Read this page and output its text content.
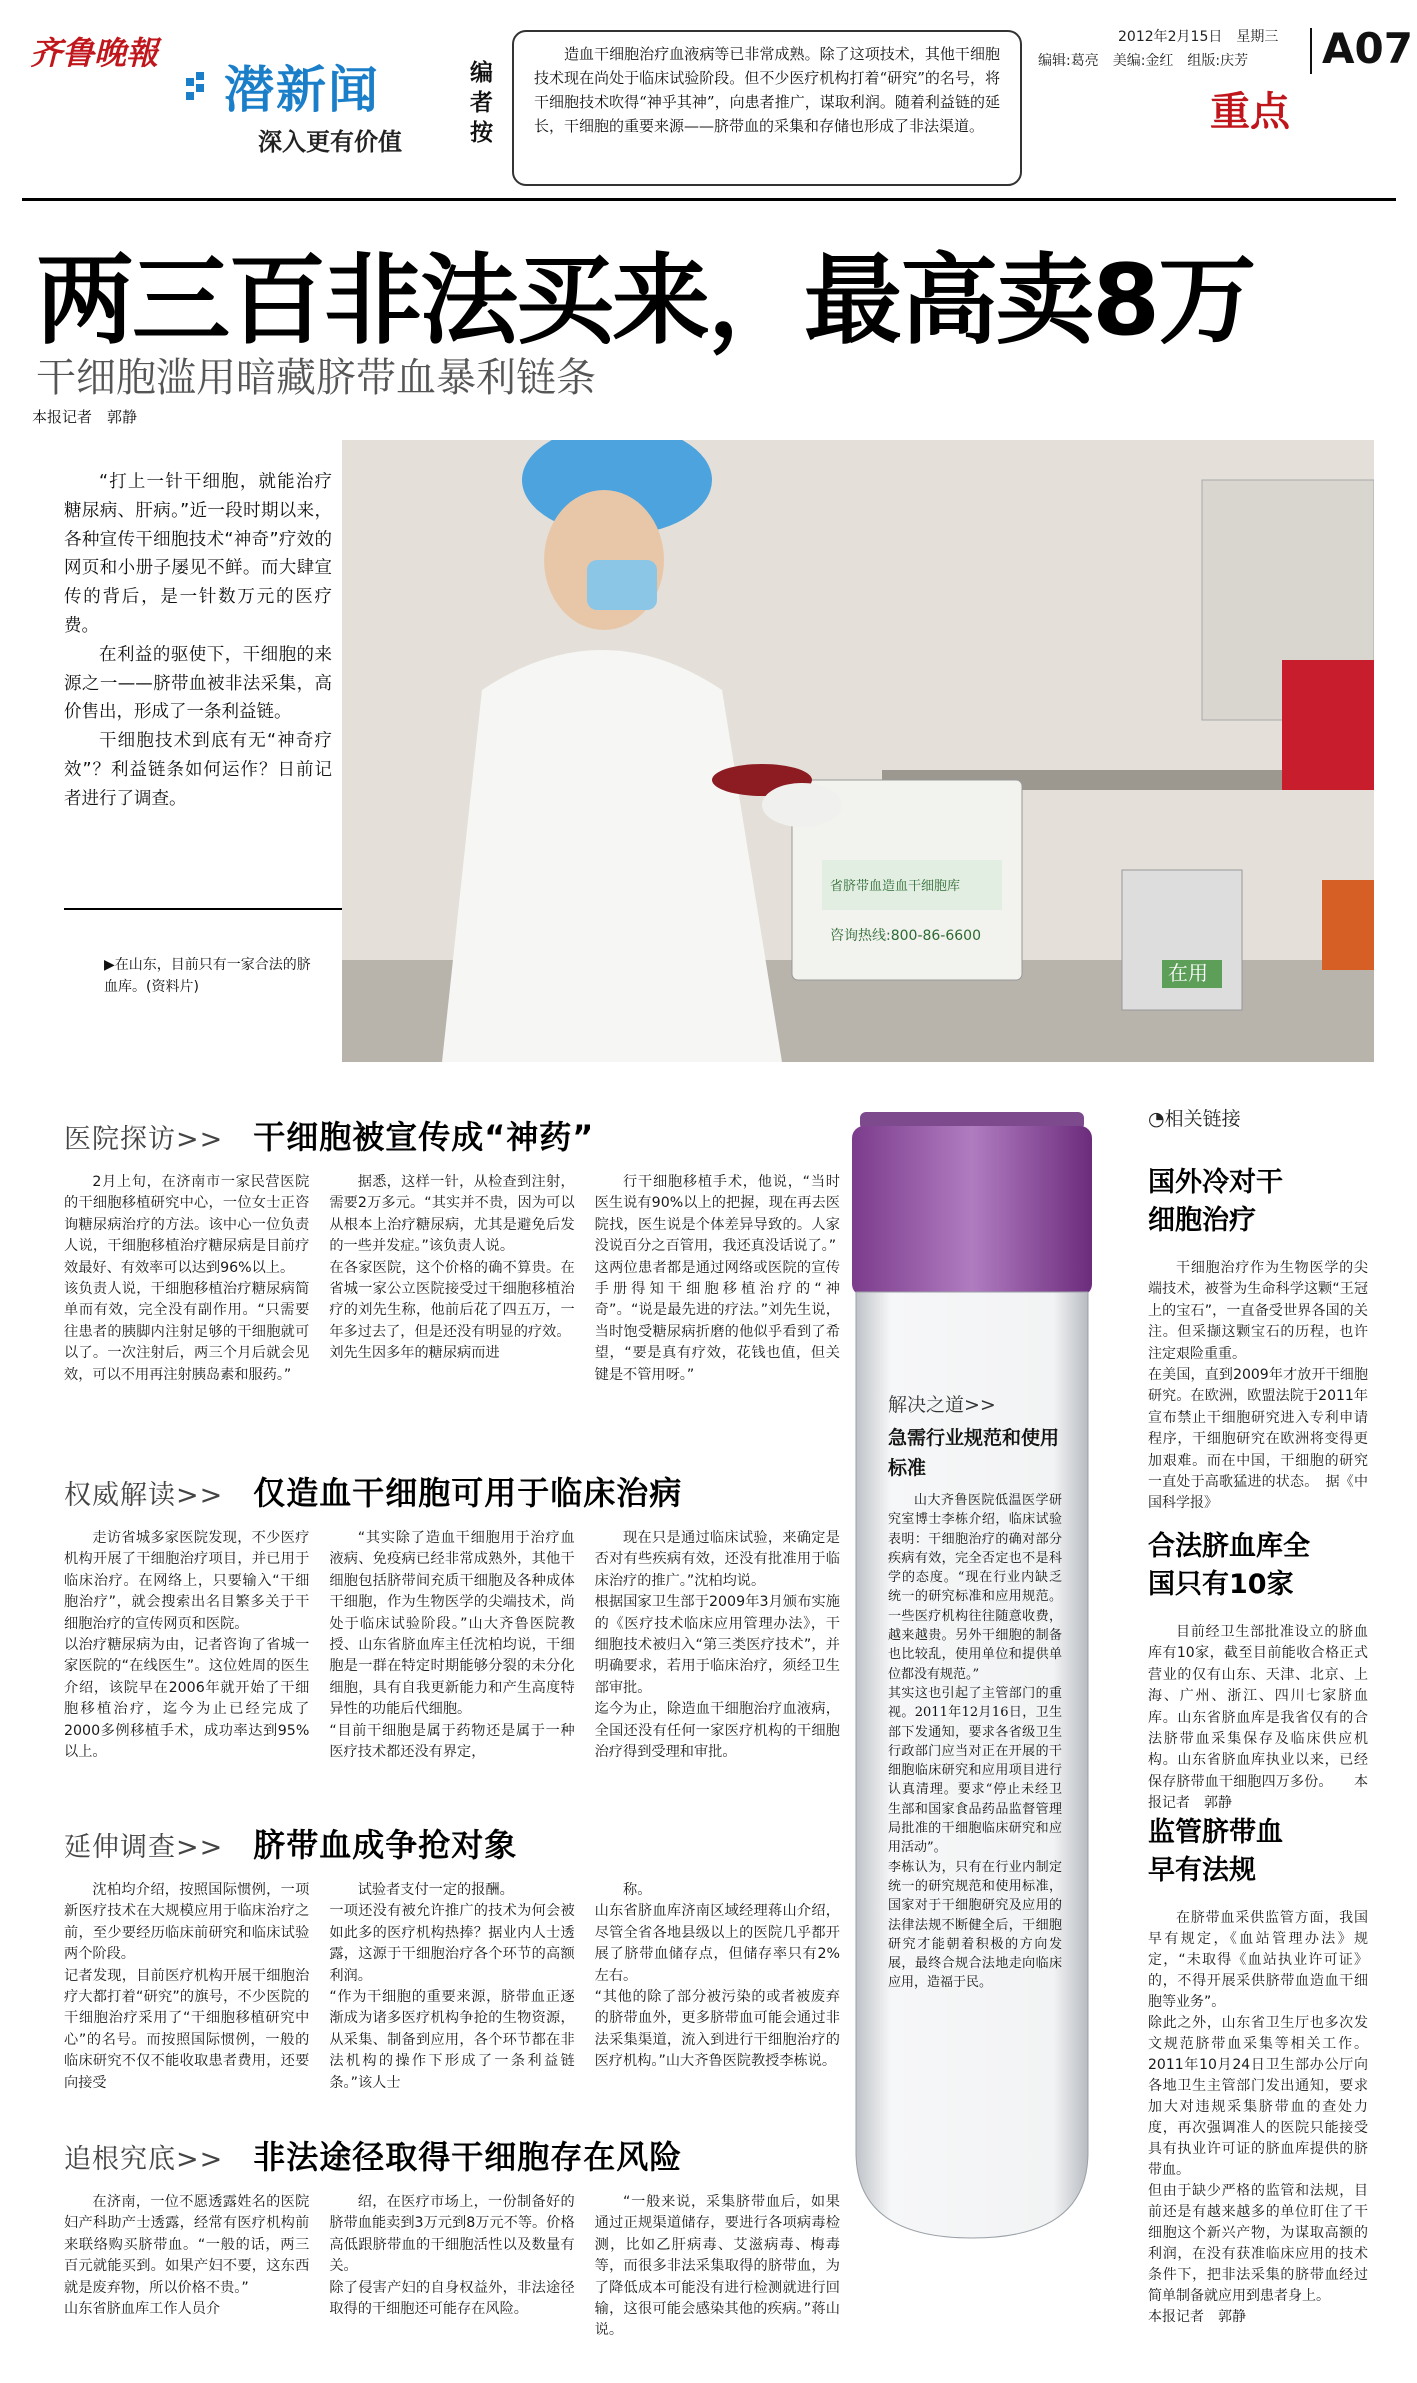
齐鲁晚報
潜新闻
深入更有价值
编者按
造血干细胞治疗血液病等已非常成熟。除了这项技术，其他干细胞技术现在尚处于临床试验阶段。但不少医疗机构打着“研究”的名号，将干细胞技术吹得“神乎其神”，向患者推广，谋取利润。随着利益链的延长，干细胞的重要来源——脐带血的采集和存储也形成了非法渠道。
2012年2月15日　星期三
编辑:葛亮　美编:金红　组版:庆芳 A07
重点
两三百非法买来，最高卖8万
干细胞滥用暗藏脐带血暴利链条
本报记者　郭静

“打上一针干细胞，就能治疗糖尿病、肝病。”近一段时期以来，各种宣传干细胞技术“神奇”疗效的网页和小册子屡见不鲜。而大肆宣传的背后，是一针数万元的医疗费。

在利益的驱使下，干细胞的来源之一——脐带血被非法采集，高价售出，形成了一条利益链。

干细胞技术到底有无“神奇疗效”？利益链条如何运作？日前记者进行了调查。

▶在山东，目前只有一家合法的脐血库。(资料片)
在用
省脐带血造血干细胞库
咨询热线:800-86-6600
解决之道>>
急需行业规范和使用标准
山大齐鲁医院低温医学研究室博士李栋介绍，临床试验表明：干细胞治疗的确对部分疾病有效，完全否定也不是科学的态度。“现在行业内缺乏统一的研究标准和应用规范。一些医疗机构往往随意收费，越来越贵。另外干细胞的制备也比较乱，使用单位和提供单位都没有规范。”
其实这也引起了主管部门的重视。2011年12月16日，卫生部下发通知，要求各省级卫生行政部门应当对正在开展的干细胞临床研究和应用项目进行认真清理。要求“停止未经卫生部和国家食品药品监督管理局批准的干细胞临床研究和应用活动”。
李栋认为，只有在行业内制定统一的研究规范和使用标准，国家对于干细胞研究及应用的法律法规不断健全后，干细胞研究才能朝着积极的方向发展，最终合规合法地走向临床应用，造福于民。
◔相关链接
国外冷对干细胞治疗
干细胞治疗作为生物医学的尖端技术，被誉为生命科学这颗“王冠上的宝石”，一直备受世界各国的关注。但采撷这颗宝石的历程，也许注定艰险重重。
在美国，直到2009年才放开干细胞研究。在欧洲，欧盟法院于2011年宣布禁止干细胞研究进入专利申请程序，干细胞研究在欧洲将变得更加艰难。而在中国，干细胞的研究一直处于高歌猛进的状态。　据《中国科学报》
合法脐血库全国只有10家
目前经卫生部批准设立的脐血库有10家，截至目前能收合格正式营业的仅有山东、天津、北京、上海、广州、浙江、四川七家脐血库。山东省脐血库是我省仅有的合法脐带血采集保存及临床供应机构。山东省脐血库执业以来，已经保存脐带血干细胞四万多份。　　本报记者　郭静
监管脐带血早有法规
在脐带血采供监管方面，我国早有规定，《血站管理办法》规定，“未取得《血站执业许可证》的，不得开展采供脐带血造血干细胞等业务”。
除此之外，山东省卫生厅也多次发文规范脐带血采集等相关工作。2011年10月24日卫生部办公厅向各地卫生主管部门发出通知，要求加大对违规采集脐带血的查处力度，再次强调准人的医院只能接受具有执业许可证的脐血库提供的脐带血。
但由于缺少严格的监管和法规，目前还是有越来越多的单位盯住了干细胞这个新兴产物，为谋取高额的利润，在没有获准临床应用的技术条件下，把非法采集的脐带血经过简单制备就应用到患者身上。
本报记者　郭静
医院探访>> 干细胞被宣传成“神药”
2月上旬，在济南市一家民营医院的干细胞移植研究中心，一位女士正咨询糖尿病治疗的方法。该中心一位负责人说，干细胞移植治疗糖尿病是目前疗效最好、有效率可以达到96%以上。
该负责人说，干细胞移植治疗糖尿病简单而有效，完全没有副作用。“只需要往患者的胰脚内注射足够的干细胞就可以了。一次注射后，两三个月后就会见效，可以不用再注射胰岛素和服药。”
据悉，这样一针，从检查到注射，需要2万多元。“其实并不贵，因为可以从根本上治疗糖尿病，尤其是避免后发的一些并发症。”该负责人说。
在各家医院，这个价格的确不算贵。在省城一家公立医院接受过干细胞移植治疗的刘先生称，他前后花了四五万，一年多过去了，但是还没有明显的疗效。
刘先生因多年的糖尿病而进
行干细胞移植手术，他说，“当时医生说有90%以上的把握，现在再去医院找，医生说是个体差异导致的。人家没说百分之百管用，我还真没话说了。”
这两位患者都是通过网络或医院的宣传手册得知干细胞移植治疗的“神奇”。“说是最先进的疗法。”刘先生说，当时饱受糖尿病折磨的他似乎看到了希望，“要是真有疗效，花钱也值，但关键是不管用呀。”
权威解读>> 仅造血干细胞可用于临床治病
走访省城多家医院发现，不少医疗机构开展了干细胞治疗项目，并已用于临床治疗。在网络上，只要输入“干细胞治疗”，就会搜索出名目繁多关于干细胞治疗的宣传网页和医院。
以治疗糖尿病为由，记者咨询了省城一家医院的“在线医生”。这位姓周的医生介绍，该院早在2006年就开始了干细胞移植治疗，迄今为止已经完成了2000多例移植手术，成功率达到95%以上。
“其实除了造血干细胞用于治疗血液病、免疫病已经非常成熟外，其他干细胞包括脐带间充质干细胞及各种成体干细胞，作为生物医学的尖端技术，尚处于临床试验阶段。”山大齐鲁医院教授、山东省脐血库主任沈柏均说，干细胞是一群在特定时期能够分裂的未分化细胞，具有自我更新能力和产生高度特异性的功能后代细胞。
“目前干细胞是属于药物还是属于一种医疗技术都还没有界定，
现在只是通过临床试验，来确定是否对有些疾病有效，还没有批准用于临床治疗的推广。”沈柏均说。
根据国家卫生部于2009年3月颁布实施的《医疗技术临床应用管理办法》，干细胞技术被归入“第三类医疗技术”，并明确要求，若用于临床治疗，须经卫生部审批。
迄今为止，除造血干细胞治疗血液病，全国还没有任何一家医疗机构的干细胞治疗得到受理和审批。
延伸调查>> 脐带血成争抢对象
沈柏均介绍，按照国际惯例，一项新医疗技术在大规模应用于临床治疗之前，至少要经历临床前研究和临床试验两个阶段。
记者发现，目前医疗机构开展干细胞治疗大都打着“研究”的旗号，不少医院的干细胞治疗采用了“干细胞移植研究中心”的名号。而按照国际惯例，一般的临床研究不仅不能收取患者费用，还要向接受
试验者支付一定的报酬。
一项还没有被允许推广的技术为何会被如此多的医疗机构热捧？据业内人士透露，这源于干细胞治疗各个环节的高额利润。
“作为干细胞的重要来源，脐带血正逐渐成为诸多医疗机构争抢的生物资源，从采集、制备到应用，各个环节都在非法机构的操作下形成了一条利益链条。”该人士
称。
山东省脐血库济南区域经理蒋山介绍，尽管全省各地县级以上的医院几乎都开展了脐带血储存点，但储存率只有2%左右。
“其他的除了部分被污染的或者被废弃的脐带血外，更多脐带血可能会通过非法采集渠道，流入到进行干细胞治疗的医疗机构。”山大齐鲁医院教授李栋说。
追根究底>> 非法途径取得干细胞存在风险
在济南，一位不愿透露姓名的医院妇产科助产士透露，经常有医疗机构前来联络购买脐带血。“一般的话，两三百元就能买到。如果产妇不要，这东西就是废弃物，所以价格不贵。”
山东省脐血库工作人员介
绍，在医疗市场上，一份制备好的脐带血能卖到3万元到8万元不等。价格高低跟脐带血的干细胞活性以及数量有关。
除了侵害产妇的自身权益外，非法途径取得的干细胞还可能存在风险。
“一般来说，采集脐带血后，如果通过正规渠道储存，要进行各项病毒检测，比如乙肝病毒、艾滋病毒、梅毒等，而很多非法采集取得的脐带血，为了降低成本可能没有进行检测就进行回输，这很可能会感染其他的疾病。”蒋山说。
